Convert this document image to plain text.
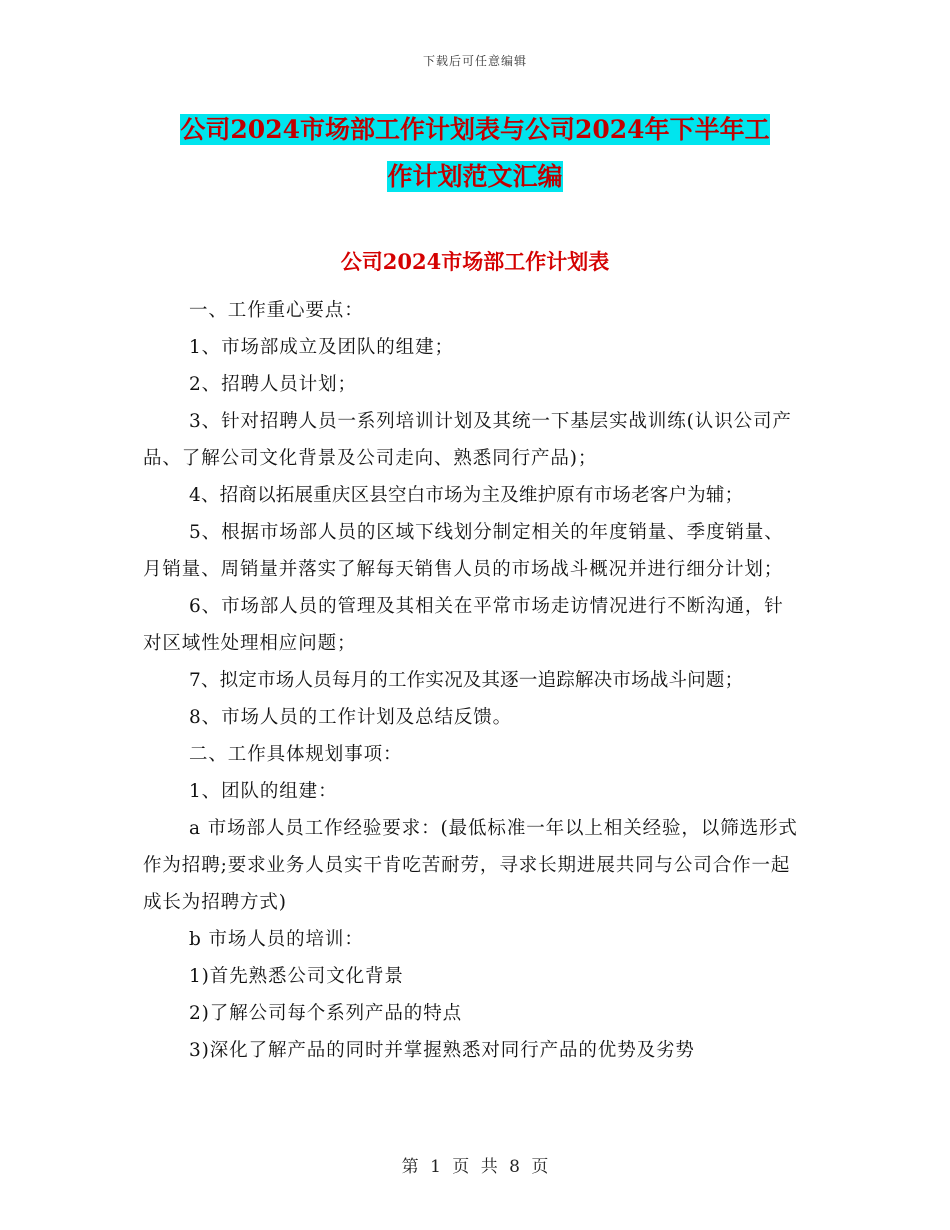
下载后可任意编辑
公司2024市场部工作计划表与公司2024年下半年工
作计划范文汇编
公司2024市场部工作计划表

一、工作重心要点：

1、市场部成立及团队的组建；

2、招聘人员计划；

3、针对招聘人员一系列培训计划及其统一下基层实战训练(认识公司产品、了解公司文化背景及公司走向、熟悉同行产品)；

4、招商以拓展重庆区县空白市场为主及维护原有市场老客户为辅；

5、根据市场部人员的区域下线划分制定相关的年度销量、季度销量、月销量、周销量并落实了解每天销售人员的市场战斗概况并进行细分计划；

6、市场部人员的管理及其相关在平常市场走访情况进行不断沟通，针对区域性处理相应问题；

7、拟定市场人员每月的工作实况及其逐一追踪解决市场战斗问题；

8、市场人员的工作计划及总结反馈。

二、工作具体规划事项：

1、团队的组建：

a 市场部人员工作经验要求：(最低标准一年以上相关经验，以筛选形式作为招聘;要求业务人员实干肯吃苦耐劳，寻求长期进展共同与公司合作一起成长为招聘方式)

b 市场人员的培训：

1)首先熟悉公司文化背景

2)了解公司每个系列产品的特点

3)深化了解产品的同时并掌握熟悉对同行产品的优势及劣势

第 1 页 共 8 页
